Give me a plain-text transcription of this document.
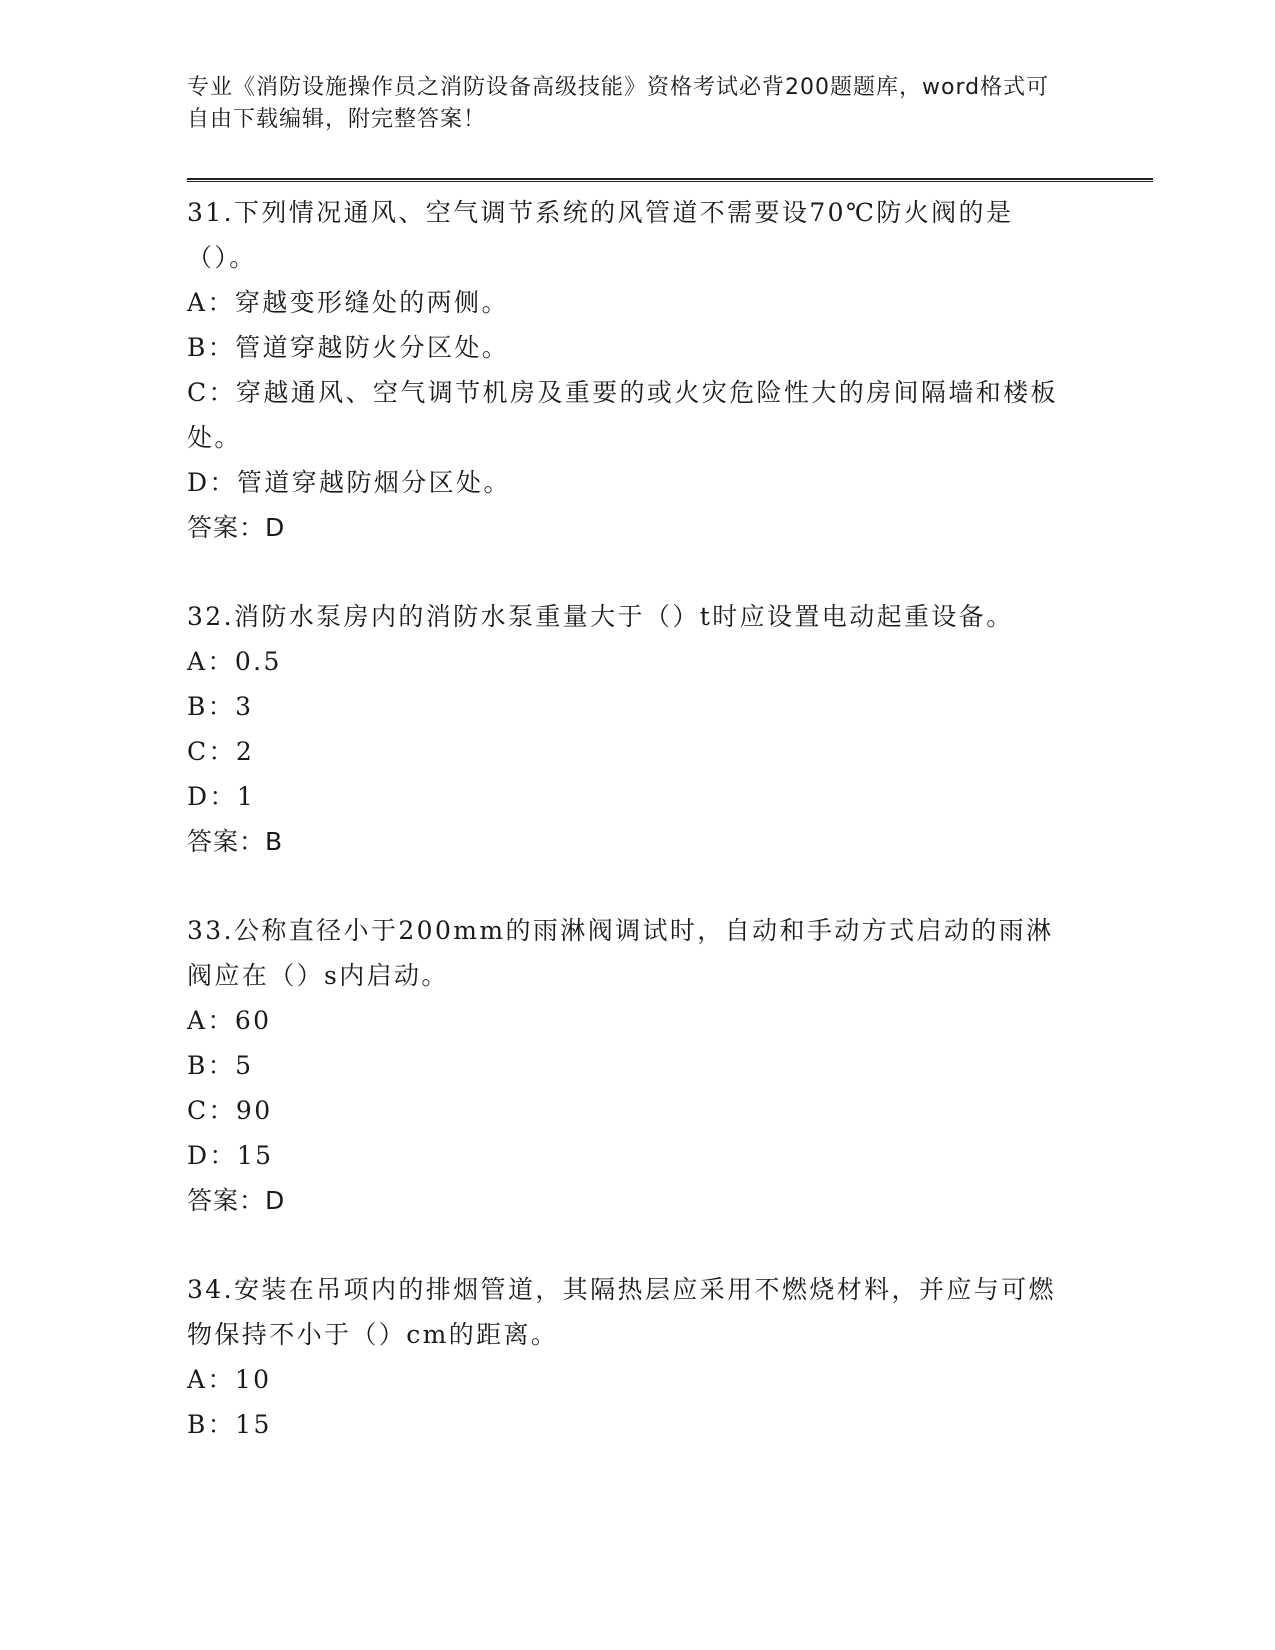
专业《消防设施操作员之消防设备高级技能》资格考试必背200题题库，word格式可自由下载编辑，附完整答案！
31.下列情况通风、空气调节系统的风管道不需要设70℃防火阀的是（）。
A：穿越变形缝处的两侧。
B：管道穿越防火分区处。
C：穿越通风、空气调节机房及重要的或火灾危险性大的房间隔墙和楼板处。
D：管道穿越防烟分区处。
答案：D
32.消防水泵房内的消防水泵重量大于（）t时应设置电动起重设备。
A：0.5
B：3
C：2
D：1
答案：B
33.公称直径小于200mm的雨淋阀调试时，自动和手动方式启动的雨淋阀应在（）s内启动。
A：60
B：5
C：90
D：15
答案：D
34.安装在吊项内的排烟管道，其隔热层应采用不燃烧材料，并应与可燃物保持不小于（）cm的距离。
A：10
B：15
